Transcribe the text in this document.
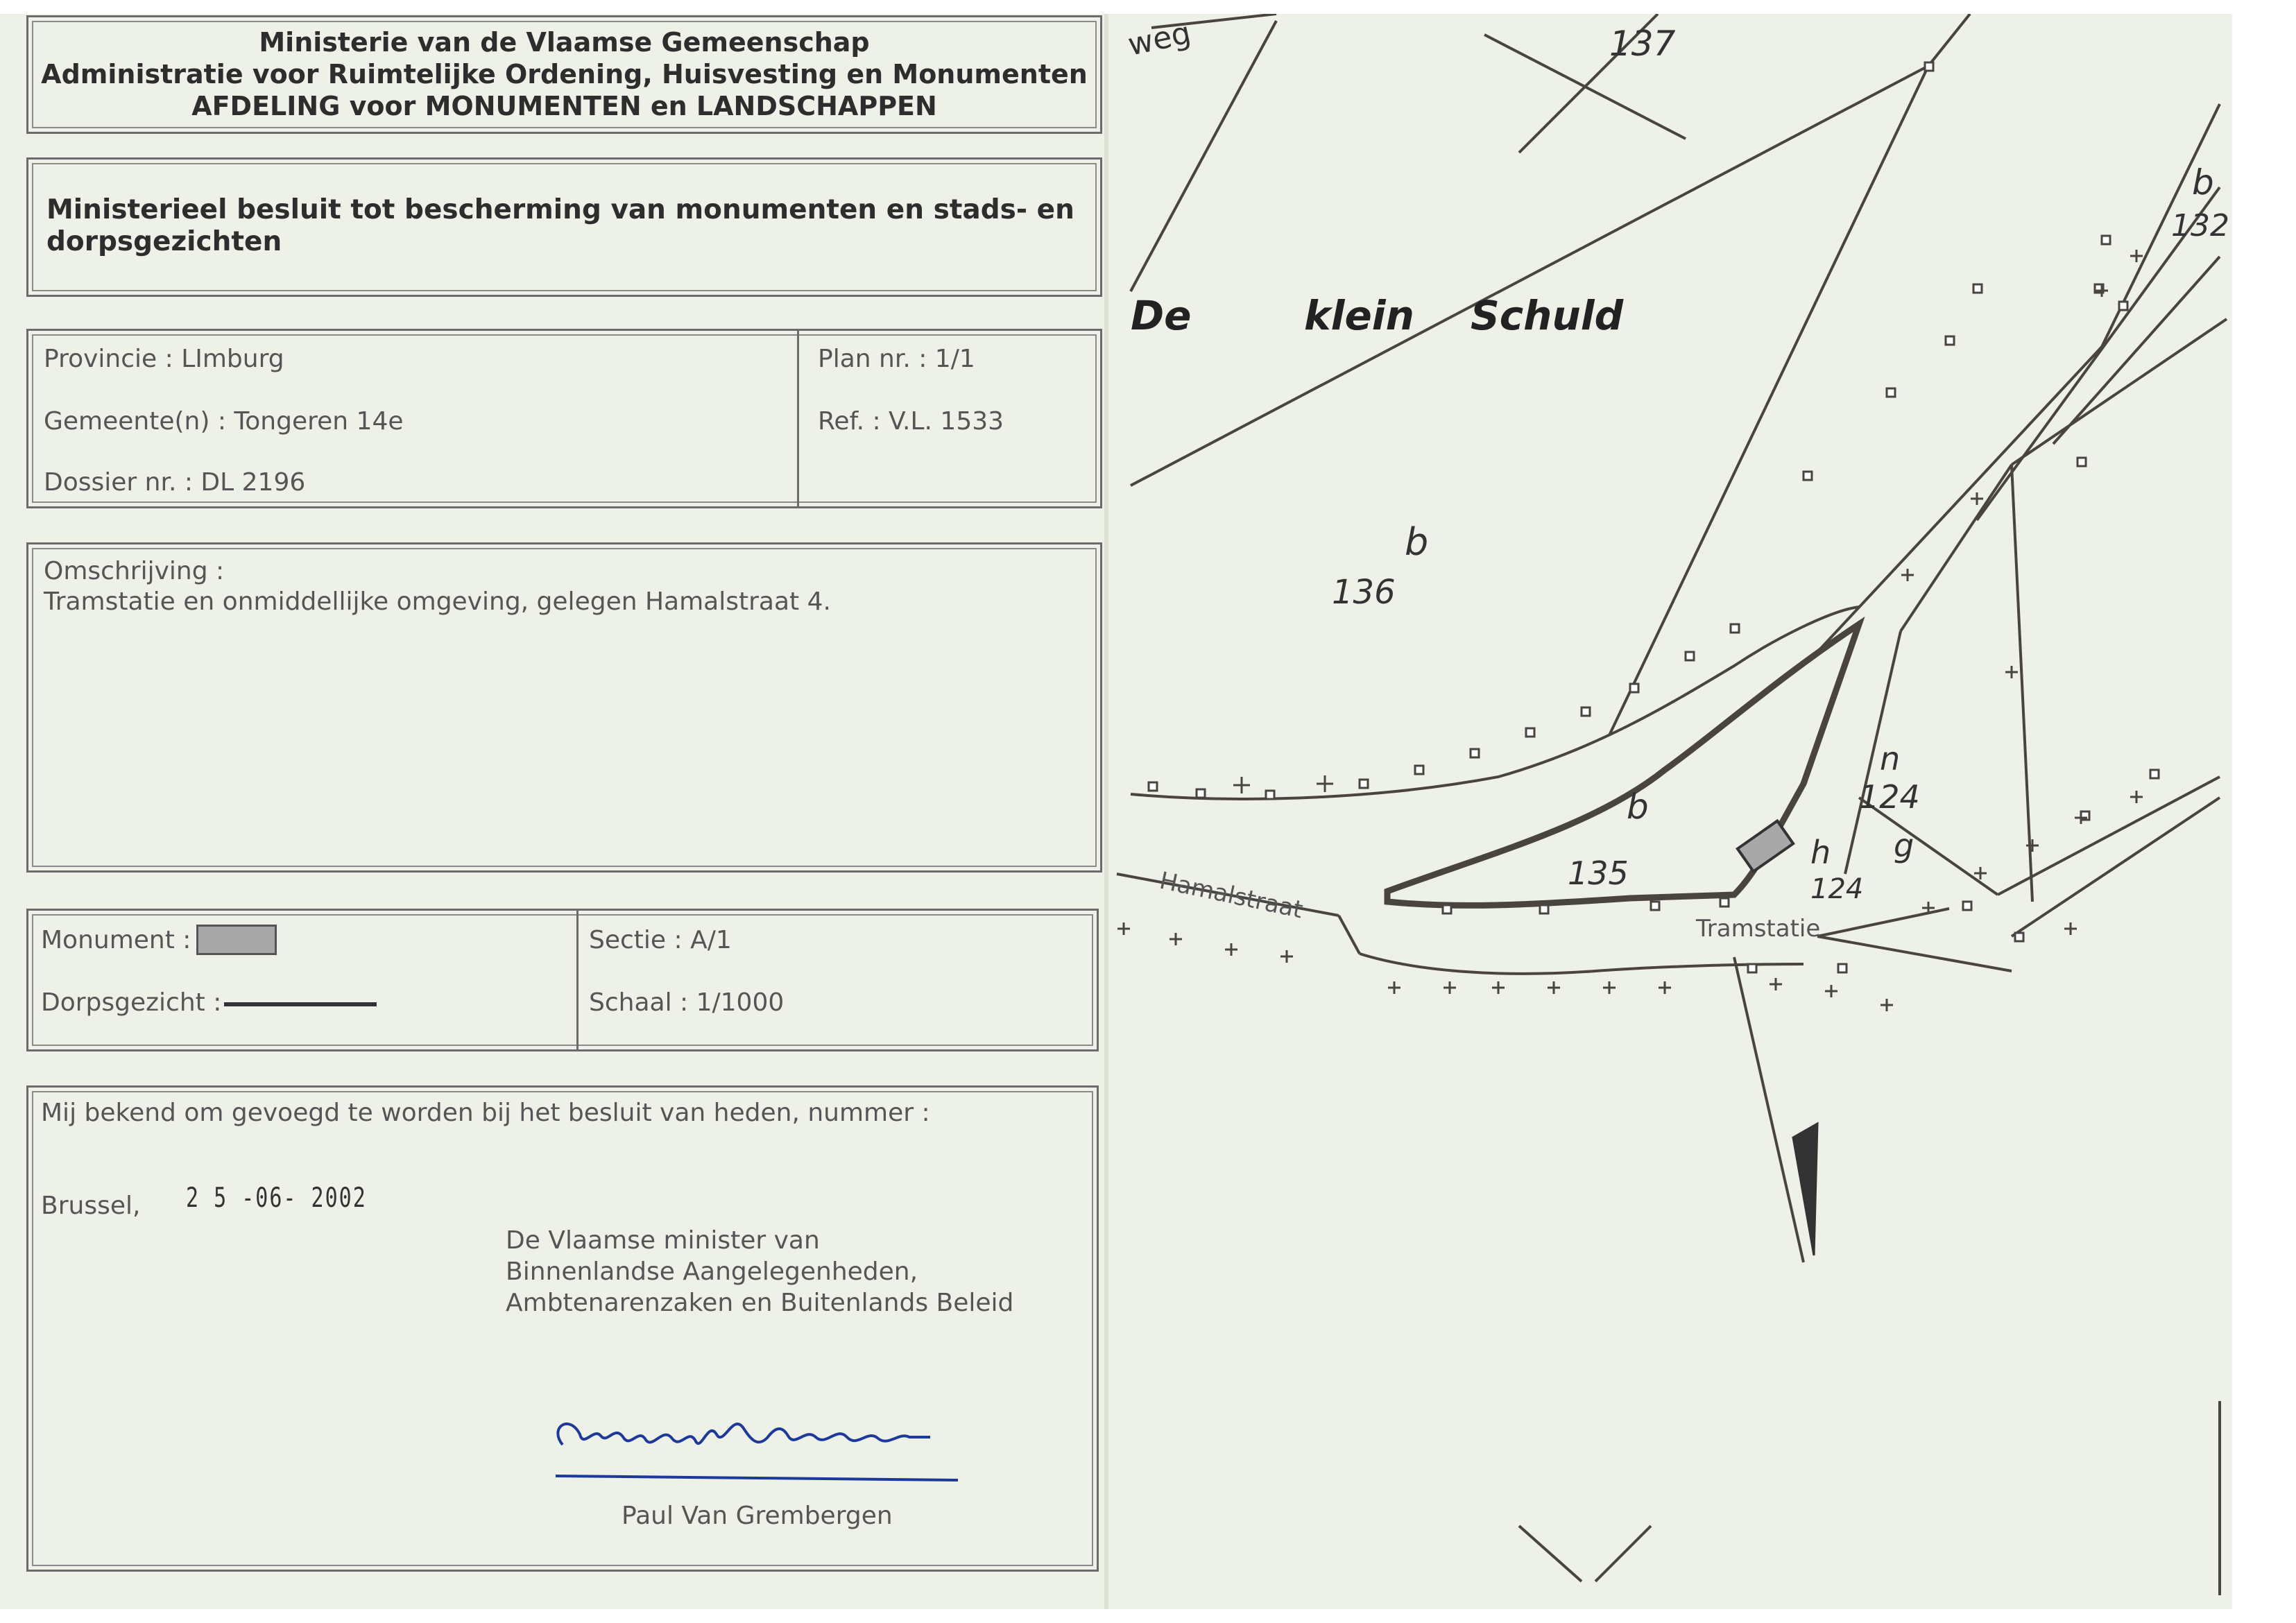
Ministerie van de Vlaamse Gemeenschap
Administratie voor Ruimtelijke Ordening, Huisvesting en Monumenten
AFDELING voor MONUMENTEN en LANDSCHAPPEN
Ministerieel besluit tot bescherming van monumenten en stads- en
dorpsgezichten
Provincie : LImburg
Gemeente(n) : Tongeren 14e
Dossier nr. : DL 2196
Plan nr. : 1/1
Ref. : V.L. 1533
Omschrijving :
Tramstatie en onmiddellijke omgeving, gelegen Hamalstraat 4.
Monument :
Dorpsgezicht :
Sectie : A/1
Schaal : 1/1000
Mij bekend om gevoegd te worden bij het besluit van heden, nummer :
Brussel, 2 5 -06- 2002
De Vlaamse minister van
Binnenlandse Aangelegenheden,
Ambtenarenzaken en Buitenlands Beleid
Paul Van Grembergen
weg	137
De	klein Schuld
b
132
b
136
135
b
n
124
g
h
124
Hamalstraat
Tramstatie
